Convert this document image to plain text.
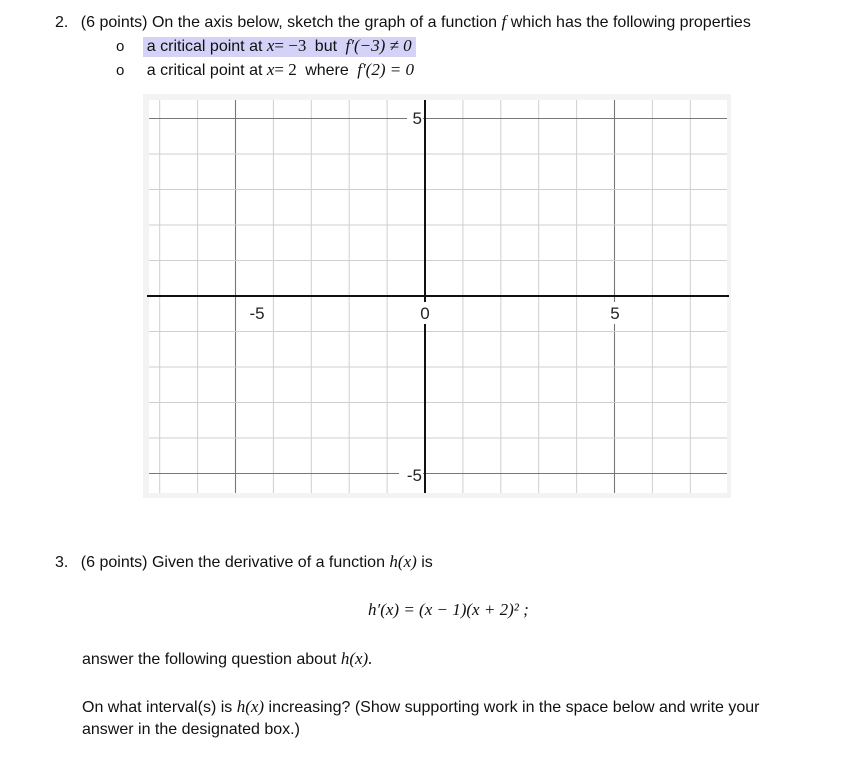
2. (6 points) On the axis below, sketch the graph of a function f which has the following properties
o a critical point at x= −3 but f′(−3) ≠ 0
o a critical point at x= 2 where f′(2) = 0
-5	0	5
5
-5
3. (6 points) Given the derivative of a function h(x) is
h′(x) = (x − 1)(x + 2)² ;
answer the following question about h(x).
On what interval(s) is h(x) increasing? (Show supporting work in the space below and write your
answer in the designated box.)
